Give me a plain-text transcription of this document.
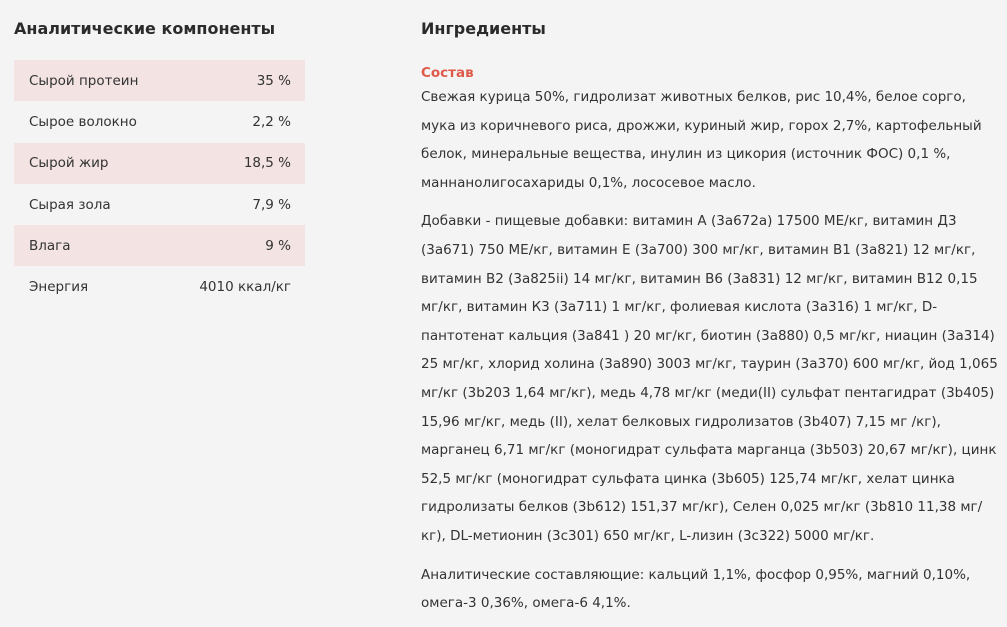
Аналитические компоненты
Сырой протеин	35 %
Сырое волокно	2,2 %
Сырой жир	18,5 %
Сырая зола	7,9 %
Влага	9 %
Энергия	4010 ккал/кг
Ингредиенты
Состав

Свежая курица 50%, гидролизат животных белков, рис 10,4%, белое сорго, мука из коричневого риса, дрожжи, куриный жир, горох 2,7%, картофельный белок, минеральные вещества, инулин из цикория (источник ФОС) 0,1 %, маннанолигосахариды 0,1%, лососевое масло.

Добавки - пищевые добавки: витамин А (3а672а) 17500 МЕ/кг, витамин Д3 (3а671) 750 МЕ/кг, витамин Е (3а700) 300 мг/кг, витамин В1 (3а821) 12 мг/кг, витамин В2 (3а825ii) 14 мг/кг, витамин В6 (3а831) 12 мг/кг, витамин В12 0,15 мг/кг, витамин К3 (3а711) 1 мг/кг, фолиевая кислота (3а316) 1 мг/кг, D-пантотенат кальция (3а841 ) 20 мг/кг, биотин (3а880) 0,5 мг/кг, ниацин (3а314) 25 мг/кг, хлорид холина (3а890) 3003 мг/кг, таурин (3а370) 600 мг/кг, йод 1,065 мг/кг (3b203 1,64 мг/кг), медь 4,78 мг/кг (меди(II) сульфат пентагидрат (3b405) 15,96 мг/кг, медь (II), хелат белковых гидролизатов (3b407) 7,15 мг /кг), марганец 6,71 мг/кг (моногидрат сульфата марганца (3b503) 20,67 мг/кг), цинк 52,5 мг/кг (моногидрат сульфата цинка (3b605) 125,74 мг/кг, хелат цинка гидролизаты белков (3b612) 151,37 мг/кг), Селен 0,025 мг/кг (3b810 11,38 мг/кг), DL-метионин (3c301) 650 мг/кг, L-лизин (3c322) 5000 мг/кг.

Аналитические составляющие: кальций 1,1%, фосфор 0,95%, магний 0,10%, омега-3 0,36%, омега-6 4,1%.
